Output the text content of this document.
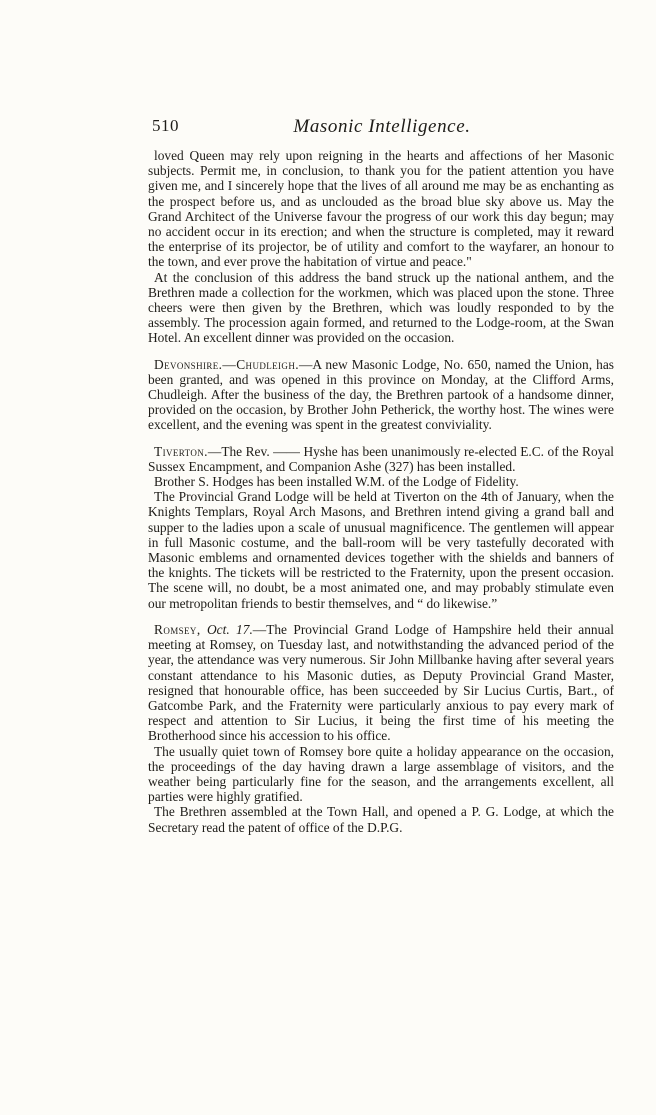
510	Masonic Intelligence.

loved Queen may rely upon reigning in the hearts and affections of her Masonic subjects. Permit me, in conclusion, to thank you for the patient attention you have given me, and I sincerely hope that the lives of all around me may be as enchanting as the prospect before us, and as unclouded as the broad blue sky above us. May the Grand Architect of the Universe favour the progress of our work this day begun; may no accident occur in its erection; and when the structure is completed, may it reward the enterprise of its projector, be of utility and comfort to the wayfarer, an honour to the town, and ever prove the habitation of virtue and peace."

At the conclusion of this address the band struck up the national anthem, and the Brethren made a collection for the workmen, which was placed upon the stone. Three cheers were then given by the Brethren, which was loudly responded to by the assembly. The procession again formed, and returned to the Lodge-room, at the Swan Hotel. An excellent dinner was provided on the occasion.

Devonshire.—Chudleigh.—A new Masonic Lodge, No. 650, named the Union, has been granted, and was opened in this province on Monday, at the Clifford Arms, Chudleigh. After the business of the day, the Brethren partook of a handsome dinner, provided on the occasion, by Brother John Petherick, the worthy host. The wines were excellent, and the evening was spent in the greatest conviviality.

Tiverton.—The Rev. —— Hyshe has been unanimously re-elected E.C. of the Royal Sussex Encampment, and Companion Ashe (327) has been installed.

Brother S. Hodges has been installed W.M. of the Lodge of Fidelity.

The Provincial Grand Lodge will be held at Tiverton on the 4th of January, when the Knights Templars, Royal Arch Masons, and Brethren intend giving a grand ball and supper to the ladies upon a scale of unusual magnificence. The gentlemen will appear in full Masonic costume, and the ball-room will be very tastefully decorated with Masonic emblems and ornamented devices together with the shields and banners of the knights. The tickets will be restricted to the Fraternity, upon the present occasion. The scene will, no doubt, be a most animated one, and may probably stimulate even our metropolitan friends to bestir themselves, and “ do likewise.”

Romsey, Oct. 17.—The Provincial Grand Lodge of Hampshire held their annual meeting at Romsey, on Tuesday last, and notwithstanding the advanced period of the year, the attendance was very numerous. Sir John Millbanke having after several years constant attendance to his Masonic duties, as Deputy Provincial Grand Master, resigned that honourable office, has been succeeded by Sir Lucius Curtis, Bart., of Gatcombe Park, and the Fraternity were particularly anxious to pay every mark of respect and attention to Sir Lucius, it being the first time of his meeting the Brotherhood since his accession to his office.

The usually quiet town of Romsey bore quite a holiday appearance on the occasion, the proceedings of the day having drawn a large assemblage of visitors, and the weather being particularly fine for the season, and the arrangements excellent, all parties were highly gratified.

The Brethren assembled at the Town Hall, and opened a P. G. Lodge, at which the Secretary read the patent of office of the D.P.G.
